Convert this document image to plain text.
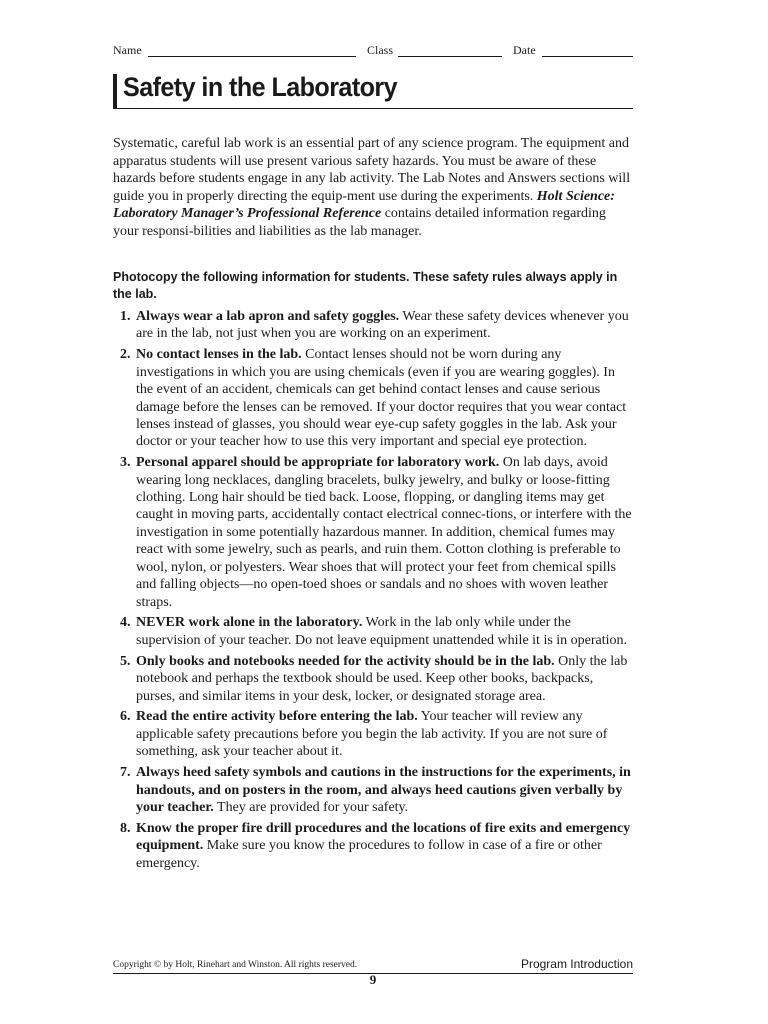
Name	Class	Date
Safety in the Laboratory

Systematic, careful lab work is an essential part of any science program. The equipment and apparatus students will use present various safety hazards. You must be aware of these hazards before students engage in any lab activity. The Lab Notes and Answers sections will guide you in properly directing the equip-ment use during the experiments. Holt Science: Laboratory Manager’s Professional Reference contains detailed information regarding your responsi-bilities and liabilities as the lab manager.

Photocopy the following information for students. These safety rules always apply in the lab.
1. Always wear a lab apron and safety goggles. Wear these safety devices whenever you are in the lab, not just when you are working on an experiment.
2. No contact lenses in the lab. Contact lenses should not be worn during any investigations in which you are using chemicals (even if you are wearing goggles). In the event of an accident, chemicals can get behind contact lenses and cause serious damage before the lenses can be removed. If your doctor requires that you wear contact lenses instead of glasses, you should wear eye-cup safety goggles in the lab. Ask your doctor or your teacher how to use this very important and special eye protection.
3. Personal apparel should be appropriate for laboratory work. On lab days, avoid wearing long necklaces, dangling bracelets, bulky jewelry, and bulky or loose-fitting clothing. Long hair should be tied back. Loose, flopping, or dangling items may get caught in moving parts, accidentally contact electrical connec-tions, or interfere with the investigation in some potentially hazardous manner. In addition, chemical fumes may react with some jewelry, such as pearls, and ruin them. Cotton clothing is preferable to wool, nylon, or polyesters. Wear shoes that will protect your feet from chemical spills and falling objects—no open-toed shoes or sandals and no shoes with woven leather straps.
4. NEVER work alone in the laboratory. Work in the lab only while under the supervision of your teacher. Do not leave equipment unattended while it is in operation.
5. Only books and notebooks needed for the activity should be in the lab. Only the lab notebook and perhaps the textbook should be used. Keep other books, backpacks, purses, and similar items in your desk, locker, or designated storage area.
6. Read the entire activity before entering the lab. Your teacher will review any applicable safety precautions before you begin the lab activity. If you are not sure of something, ask your teacher about it.
7. Always heed safety symbols and cautions in the instructions for the experiments, in handouts, and on posters in the room, and always heed cautions given verbally by your teacher. They are provided for your safety.
8. Know the proper fire drill procedures and the locations of fire exits and emergency equipment. Make sure you know the procedures to follow in case of a fire or other emergency.
Copyright © by Holt, Rinehart and Winston. All rights reserved.	Program Introduction
9
